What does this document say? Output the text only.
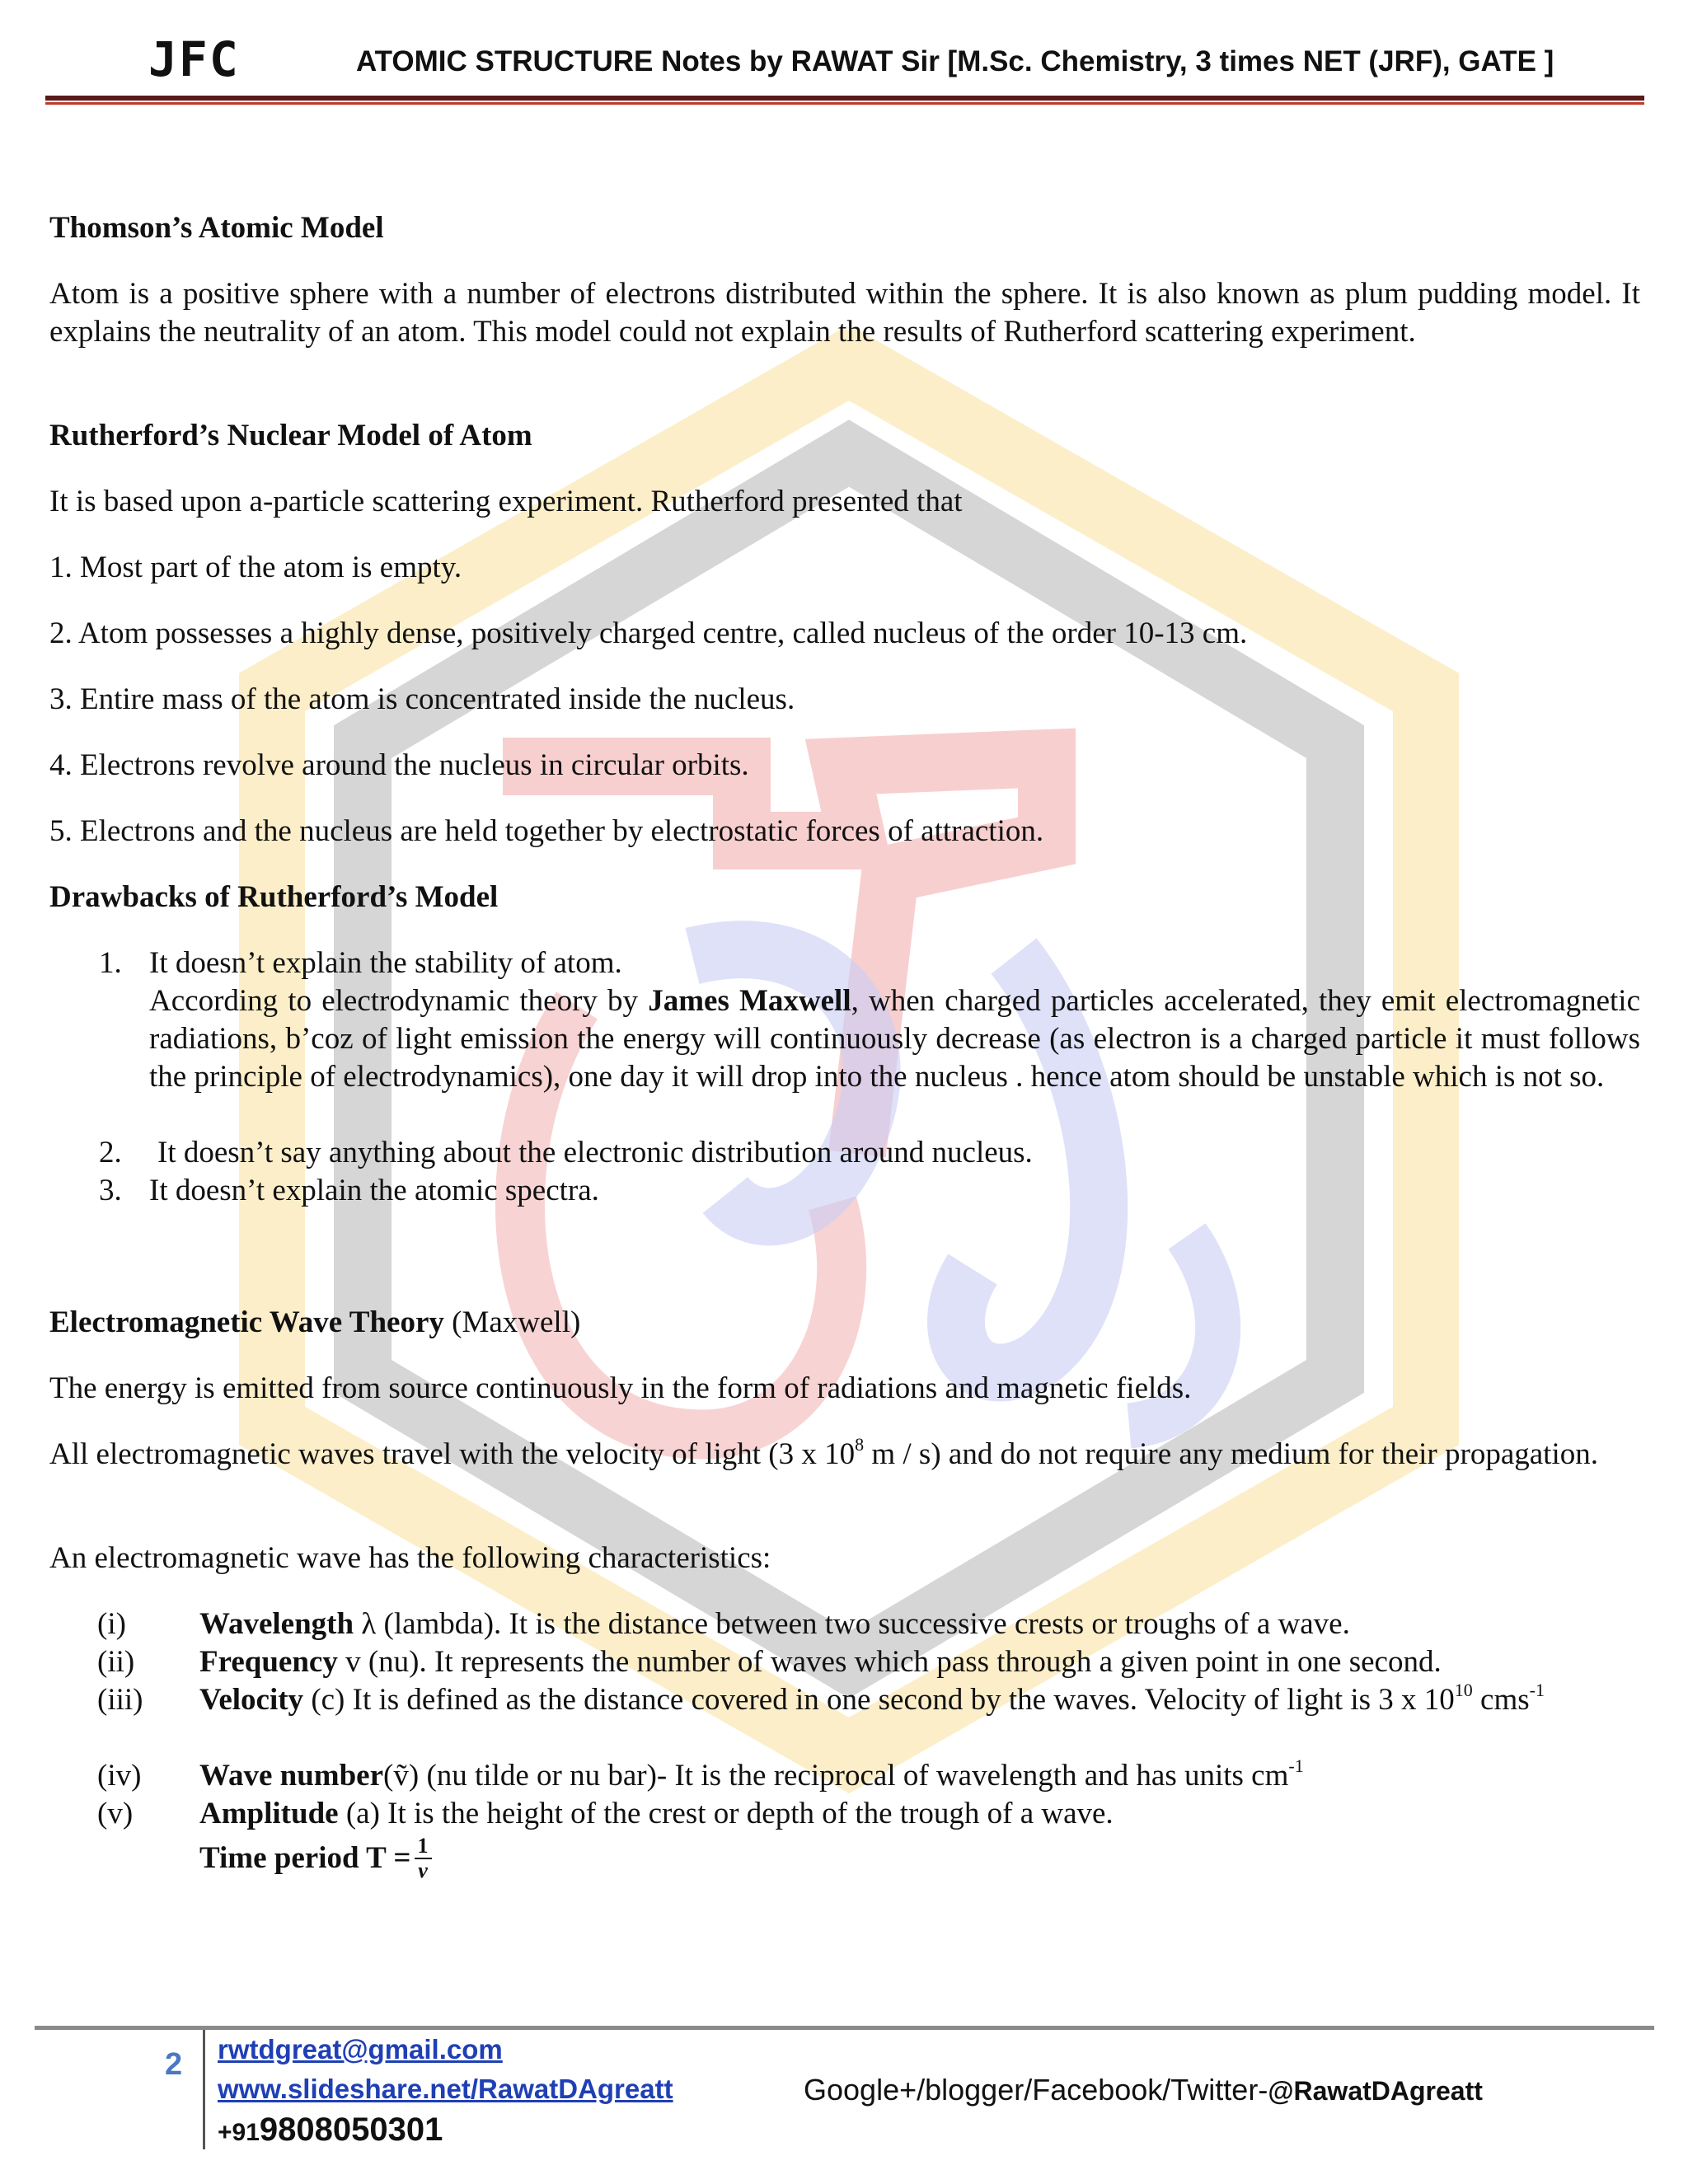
JFC	ATOMIC STRUCTURE Notes by RAWAT Sir [M.Sc. Chemistry, 3 times NET (JRF), GATE ]
Thomson’s Atomic Model
Atom is a positive sphere with a number of electrons distributed within the sphere. It is also known as plum pudding model. It explains the neutrality of an atom. This model could not explain the results of Rutherford scattering experiment.
Rutherford’s Nuclear Model of Atom
It is based upon a-particle scattering experiment. Rutherford presented that
1. Most part of the atom is empty.
2. Atom possesses a highly dense, positively charged centre, called nucleus of the order 10-13 cm.
3. Entire mass of the atom is concentrated inside the nucleus.
4. Electrons revolve around the nucleus in circular orbits.
5. Electrons and the nucleus are held together by electrostatic forces of attraction.
Drawbacks of Rutherford’s Model
1. It doesn’t explain the stability of atom.
According to electrodynamic theory by James Maxwell, when charged particles accelerated, they emit electromagnetic radiations, b’coz of light emission the energy will continuously decrease (as electron is a charged particle it must follows the principle of electrodynamics), one day it will drop into the nucleus . hence atom should be unstable which is not so.
2. It doesn’t say anything about the electronic distribution around nucleus.
3. It doesn’t explain the atomic spectra.
Electromagnetic Wave Theory (Maxwell)
The energy is emitted from source continuously in the form of radiations and magnetic fields.
All electromagnetic waves travel with the velocity of light (3 x $10^8$ m / s) and do not require any medium for their propagation.
An electromagnetic wave has the following characteristics:
(i) Wavelength λ (lambda). It is the distance between two successive crests or troughs of a wave.
(ii) Frequency v (nu). It represents the number of waves which pass through a given point in one second.
(iii) Velocity (c) It is defined as the distance covered in one second by the waves. Velocity of light is 3 x $10^{10}$ cms$^{-1}$
(iv) Wave number(ṽ) (nu tilde or nu bar)- It is the reciprocal of wavelength and has units $cm^{-1}$
(v) Amplitude (a) It is the height of the crest or depth of the trough of a wave.
Time period $T = \frac{1}{v}$
2 rwtdgreat@gmail.com
www.slideshare.net/RawatDAgreatt
+919808050301
Google+/blogger/Facebook/Twitter-@RawatDAgreatt
